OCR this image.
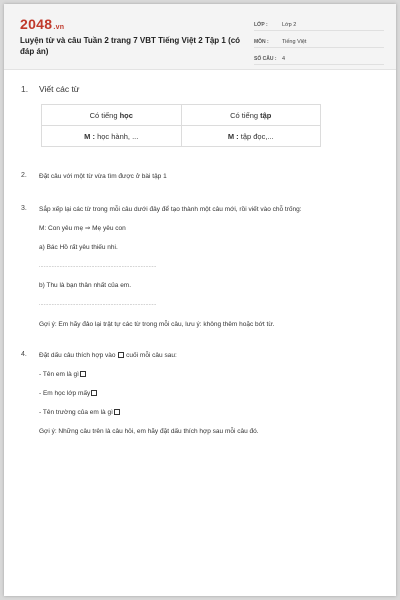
2048.vn
Luyện từ và câu Tuần 2 trang 7 VBT Tiếng Việt 2 Tập 1 (có đáp án)
LỚP :	Lớp 2
MÔN :	Tiếng Việt
SỐ CÂU :	4
1. Viết các từ
Có tiếng học	Có tiếng tập
M : học hành, ...	M : tập đọc,...
2. Đặt câu với một từ vừa tìm được ở bài tập 1
3. Sắp xếp lại các từ trong mỗi câu dưới đây để tạo thành một câu mới, rồi viết vào chỗ trống:
M: Con yêu mẹ ⇒ Mẹ yêu con
a) Bác Hồ rất yêu thiếu nhi.
..........................................................................
b) Thu là bạn thân nhất của em.
..........................................................................
Gợi ý: Em hãy đảo lại trật tự các từ trong mỗi câu, lưu ý: không thêm hoặc bớt từ.
4. Đặt dấu câu thích hợp vào cuối mỗi câu sau:
- Tên em là gì
- Em học lớp mấy
- Tên trường của em là gì
Gợi ý: Những câu trên là câu hỏi, em hãy đặt dấu thích hợp sau mỗi câu đó.
